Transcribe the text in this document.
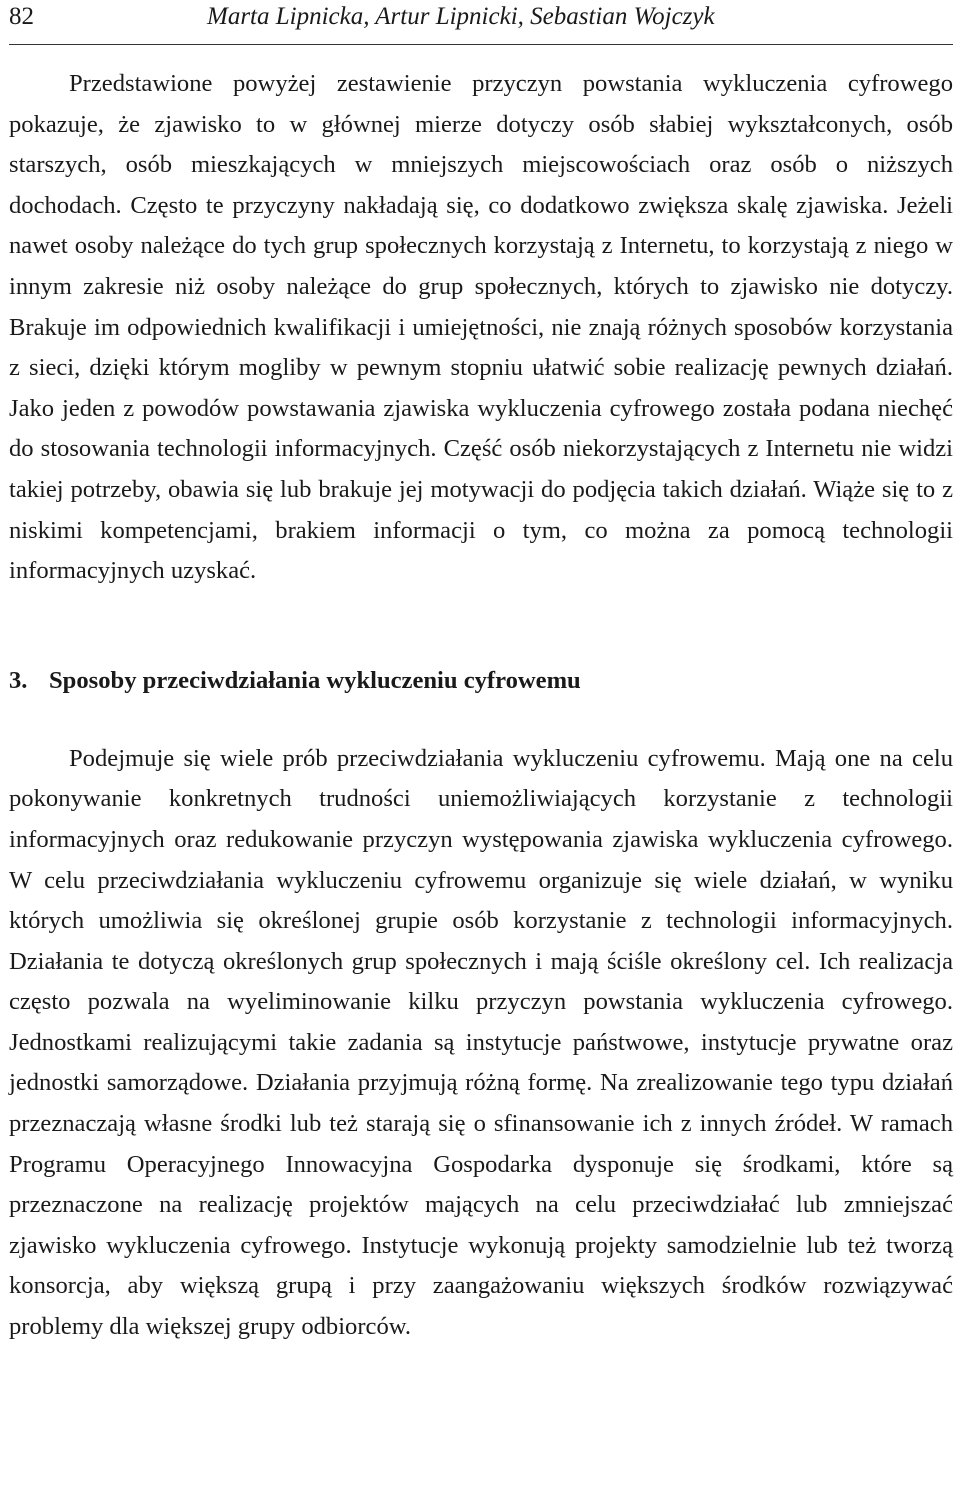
82	Marta Lipnicka, Artur Lipnicki, Sebastian Wojczyk

Przedstawione powyżej zestawienie przyczyn powstania wykluczenia cyfrowego pokazuje, że zjawisko to w głównej mierze dotyczy osób słabiej wykształconych, osób starszych, osób mieszkających w mniejszych miejscowościach oraz osób o niższych dochodach. Często te przyczyny nakładają się, co dodatkowo zwiększa skalę zjawiska. Jeżeli nawet osoby należące do tych grup społecznych korzystają z Internetu, to korzystają z niego w innym zakresie niż osoby należące do grup społecznych, których to zjawisko nie dotyczy. Brakuje im odpowiednich kwalifikacji i umiejętności, nie znają różnych sposobów korzystania z sieci, dzięki którym mogliby w pewnym stopniu ułatwić sobie realizację pewnych działań. Jako jeden z powodów powstawania zjawiska wykluczenia cyfrowego została podana niechęć do stosowania technologii informacyjnych. Część osób niekorzystających z Internetu nie widzi takiej potrzeby, obawia się lub brakuje jej motywacji do podjęcia takich działań. Wiąże się to z niskimi kompetencjami, brakiem informacji o tym, co można za pomocą technologii informacyjnych uzyskać.

3. Sposoby przeciwdziałania wykluczeniu cyfrowemu

Podejmuje się wiele prób przeciwdziałania wykluczeniu cyfrowemu. Mają one na celu pokonywanie konkretnych trudności uniemożliwiających korzystanie z technologii informacyjnych oraz redukowanie przyczyn występowania zjawiska wykluczenia cyfrowego. W celu przeciwdziałania wykluczeniu cyfrowemu organizuje się wiele działań, w wyniku których umożliwia się określonej grupie osób korzystanie z technologii informacyjnych. Działania te dotyczą określonych grup społecznych i mają ściśle określony cel. Ich realizacja często pozwala na wyeliminowanie kilku przyczyn powstania wykluczenia cyfrowego. Jednostkami realizującymi takie zadania są instytucje państwowe, instytucje prywatne oraz jednostki samorządowe. Działania przyjmują różną formę. Na zrealizowanie tego typu działań przeznaczają własne środki lub też starają się o sfinansowanie ich z innych źródeł. W ramach Programu Operacyjnego Innowacyjna Gospodarka dysponuje się środkami, które są przeznaczone na realizację projektów mających na celu przeciwdziałać lub zmniejszać zjawisko wykluczenia cyfrowego. Instytucje wykonują projekty samodzielnie lub też tworzą konsorcja, aby większą grupą i przy zaangażowaniu większych środków rozwiązywać problemy dla większej grupy odbiorców.
